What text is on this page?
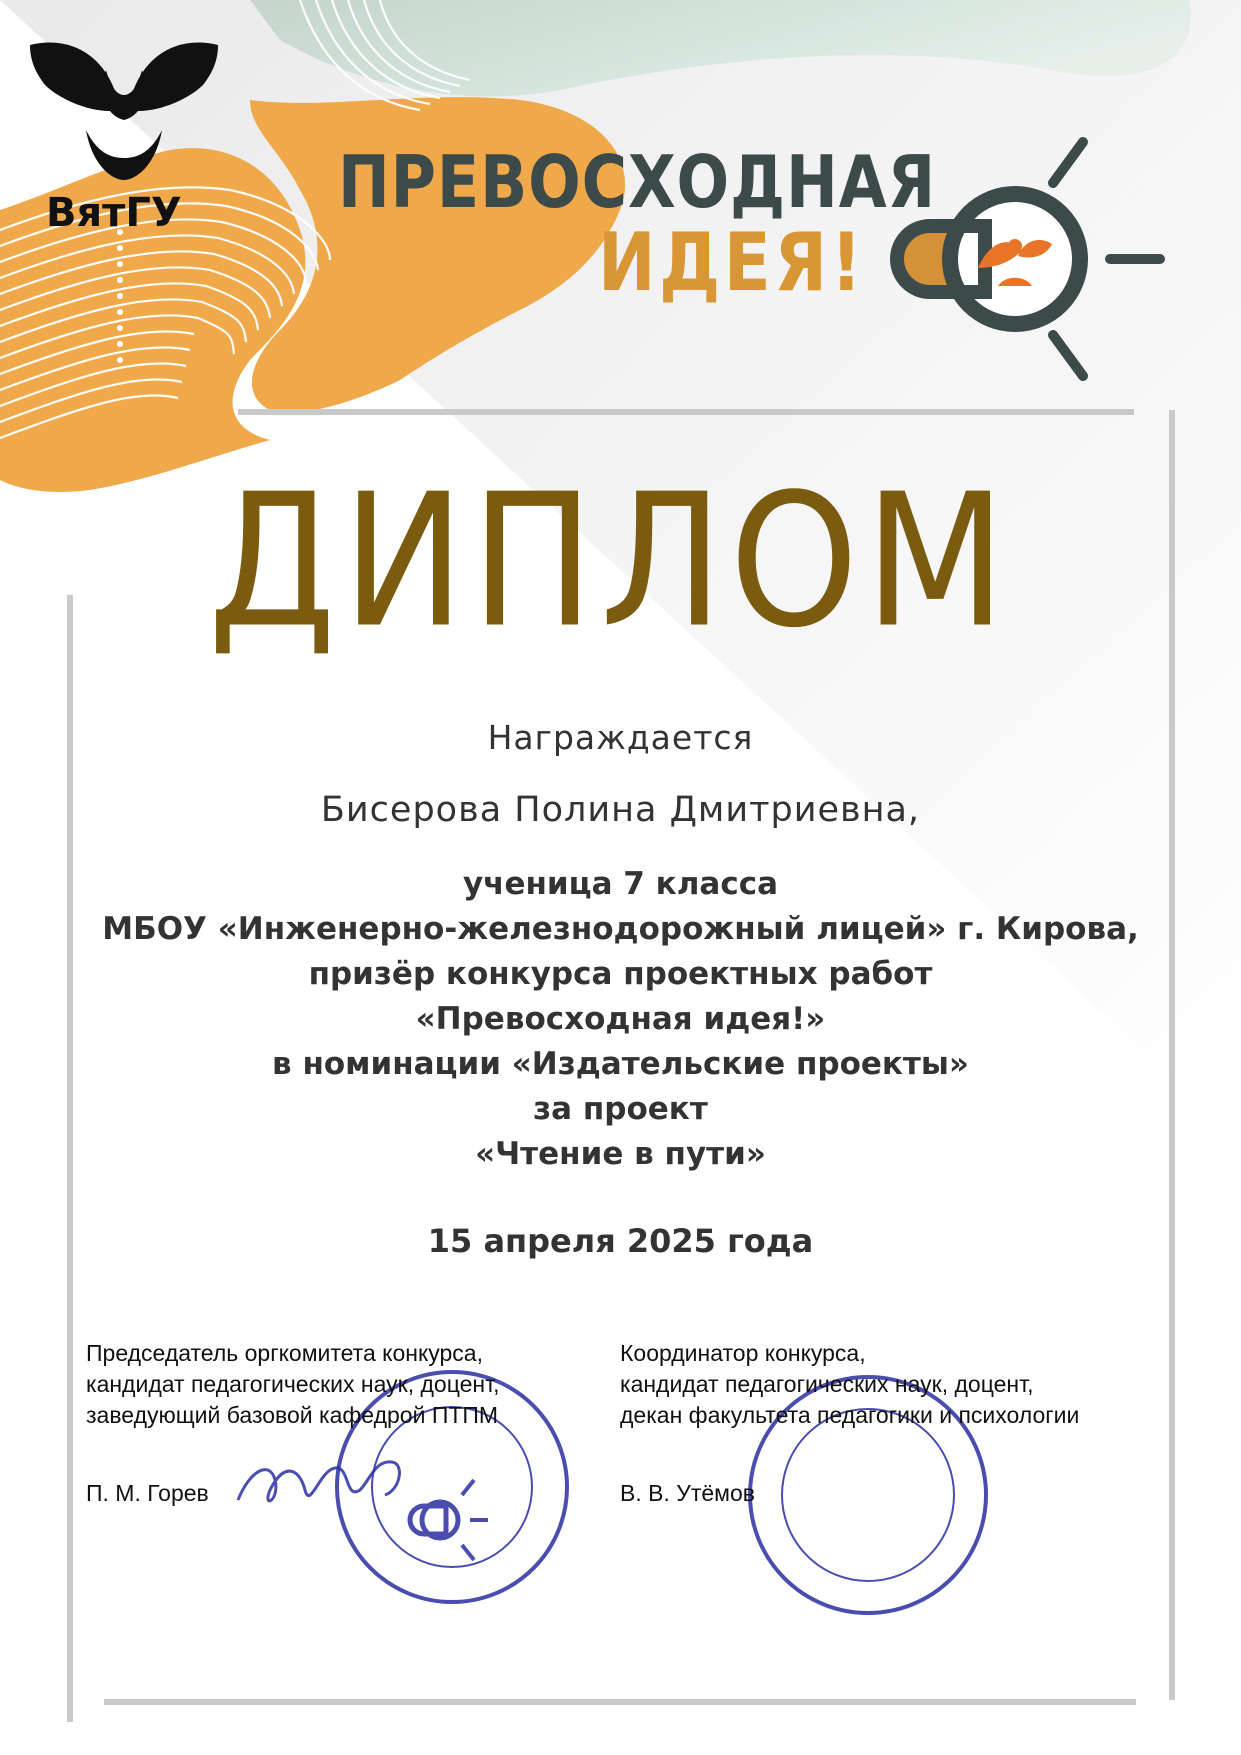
ВятГУ ПРЕВОСХОДНАЯ
ИДЕЯ!
ДИПЛОМ
Награждается
Бисерова Полина Дмитриевна,
ученица 7 класса
МБОУ «Инженерно-железнодорожный лицей» г. Кирова,
призёр конкурса проектных работ
«Превосходная идея!»
в номинации «Издательские проекты»
за проект
«Чтение в пути»
15 апреля 2025 года
Председатель оргкомитета конкурса,
кандидат педагогических наук, доцент,
заведующий базовой кафедрой ПТПМ
П. М. Горев
Координатор конкурса,
кандидат педагогических наук, доцент,
декан факультета педагогики и психологии
В. В. Утёмов
